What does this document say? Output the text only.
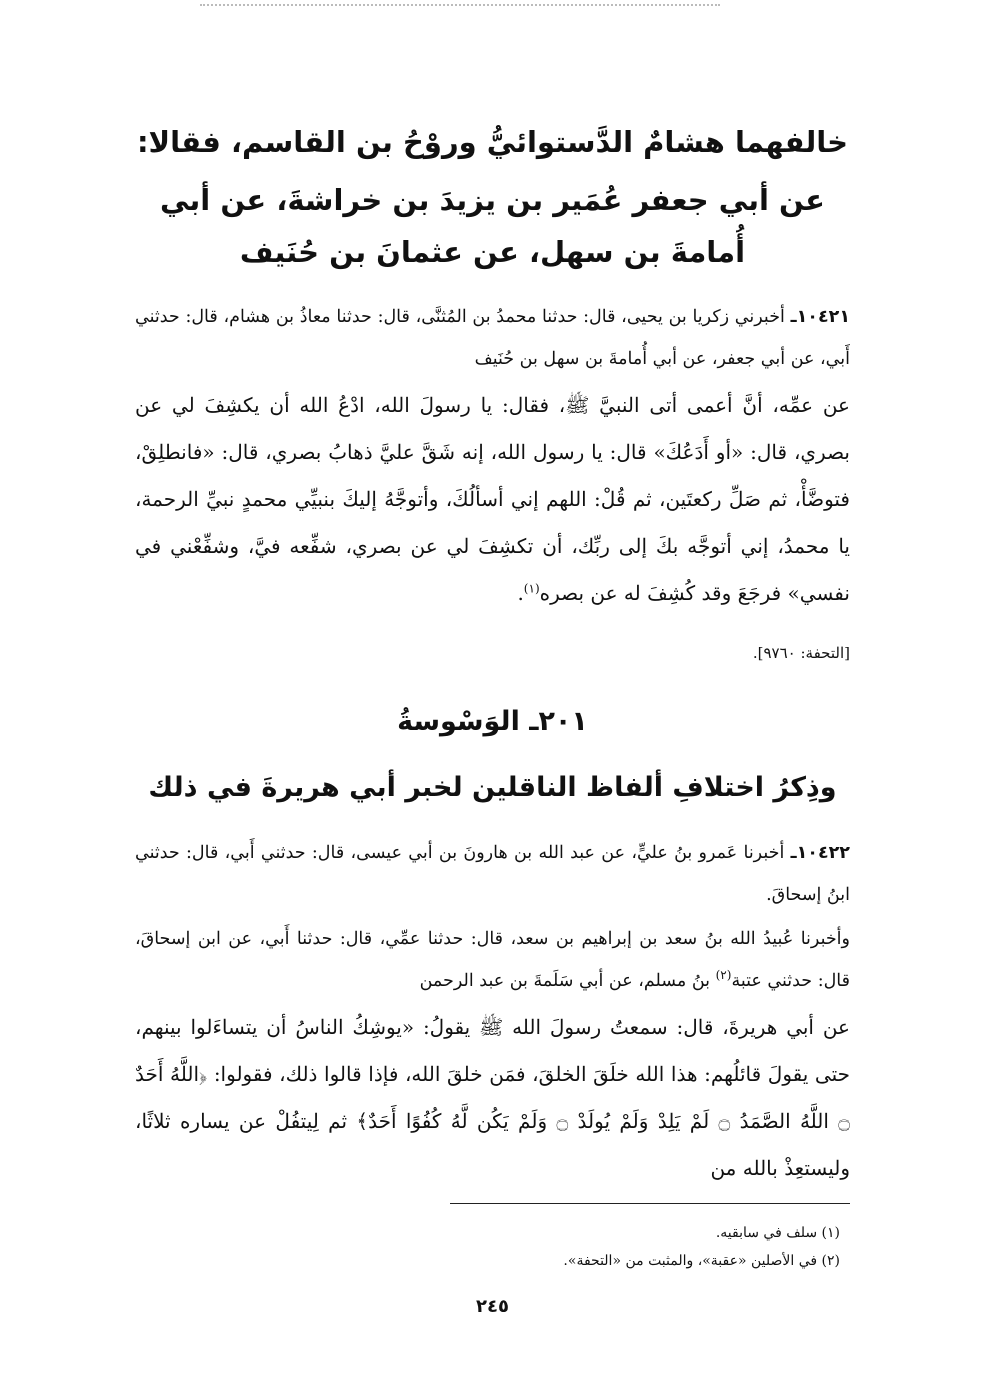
خالفهما هشامٌ الدَّستوائيُّ وروْحُ بن القاسم، فقالا:
عن أبي جعفر عُمَير بن يزيدَ بن خراشةَ، عن أبي أُمامةَ بن سهل، عن عثمانَ بن حُنَيف

١٠٤٢١ـ أخبرني زكريا بن يحيى، قال: حدثنا محمدُ بن المُثنَّى، قال: حدثنا معاذُ بن هشام، قال: حدثني أَبي، عن أبي جعفر، عن أبي أُمامةَ بن سهل بن حُنَيف

عن عمِّه، أنَّ أعمى أتى النبيَّ ﷺ، فقال: يا رسولَ الله، ادْعُ الله أن يكشِفَ لي عن بصري، قال: «أو أَدَعُكَ» قال: يا رسول الله، إنه شَقَّ عليَّ ذهابُ بصري، قال: «فانطلِقْ، فتوضَّأْ، ثم صَلِّ ركعتَين، ثم قُلْ: اللهم إني أسألُكَ، وأتوجَّهُ إليكَ بنبيِّي محمدٍ نبيِّ الرحمة، يا محمدُ، إني أتوجَّه بكَ إلى ربِّك، أن تكشِفَ لي عن بصري، شفِّعه فيَّ، وشفِّعْني في نفسي» فرجَعَ وقد كُشِفَ له عن بصره$^{(١)}$.

[التحفة: ٩٧٦٠].
٢٠١ـ الوَسْوسةُ
وذِكرُ اختلافِ ألفاظ الناقلين لخبر أبي هريرةَ في ذلك

١٠٤٢٢ـ أخبرنا عَمرو بنُ عليٍّ، عن عبد الله بن هارونَ بن أبي عيسى، قال: حدثني أَبي، قال: حدثني ابنُ إسحاقَ.

وأخبرنا عُبيدُ الله بنُ سعد بن إبراهيم بن سعد، قال: حدثنا عمِّي، قال: حدثنا أَبي، عن ابن إسحاقَ، قال: حدثني عتبة$^{(٢)}$ بنُ مسلم، عن أبي سَلَمةَ بن عبد الرحمن

عن أبي هريرةَ، قال: سمعتُ رسولَ الله ﷺ يقولُ: «يوشِكُ الناسُ أن يتساءَلوا بينهم، حتى يقولَ قائلُهم: هذا الله خلَقَ الخلقَ، فمَن خلقَ الله، فإذا قالوا ذلك، فقولوا: ﴿اللَّهُ أَحَدٌ ۝ اللَّهُ الصَّمَدُ ۝ لَمْ يَلِدْ وَلَمْ يُولَدْ ۝ وَلَمْ يَكُن لَّهُ كُفُوًا أَحَدٌ﴾ ثم لِيتفُلْ عن يساره ثلاثًا، وليستعِذْ بالله من

(١) سلف في سابقيه.
(٢) في الأصلين «عقبة»، والمثبت من «التحفة».
٢٤٥
